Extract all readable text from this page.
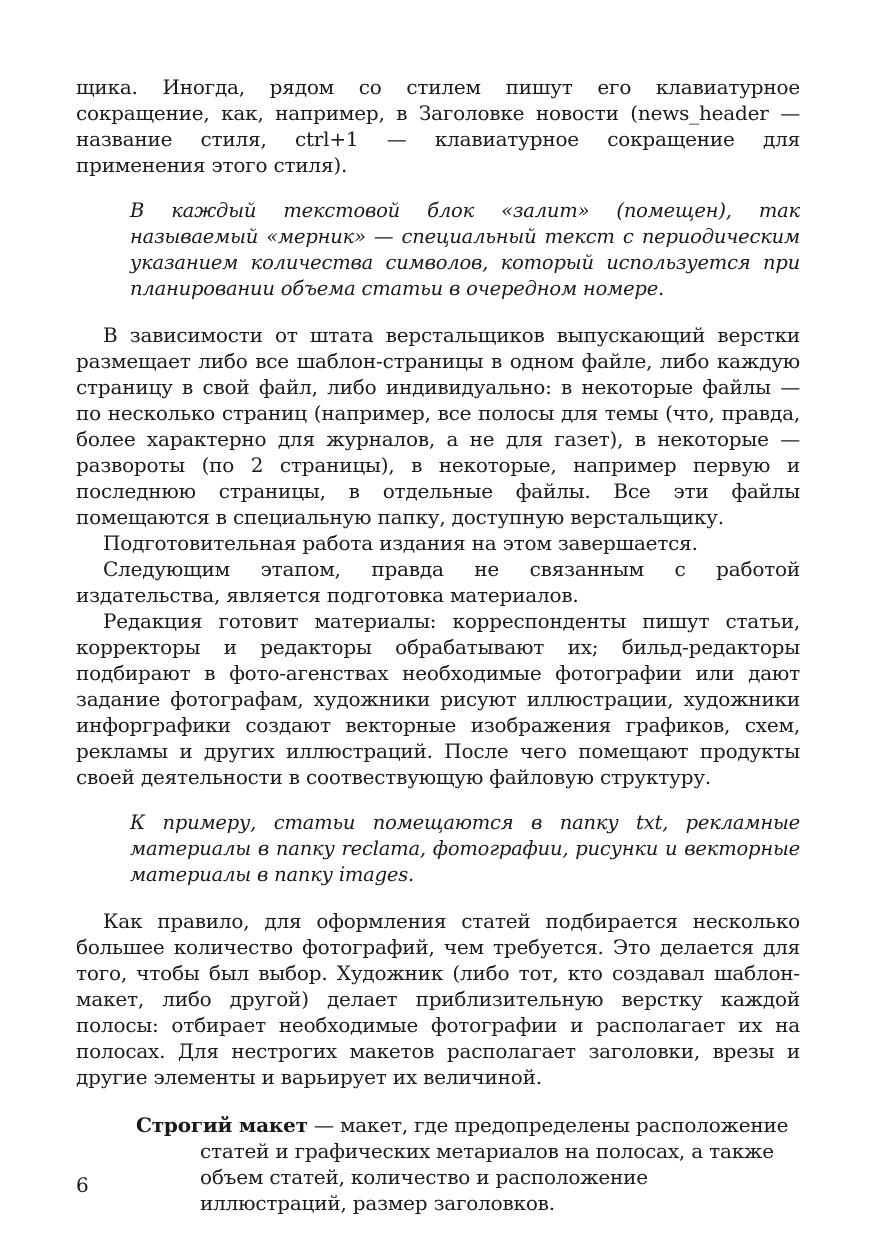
щика. Иногда, рядом со стилем пишут его клавиатурное сокращение, как, например, в Заголовке новости (news_header — название стиля, ctrl+1 — клавиатурное сокращение для применения этого стиля).

В каждый текстовой блок «залит» (помещен), так называемый «мерник» — специальный текст с периодическим указанием количества символов, который используется при планировании объема статьи в очередном номере.

В зависимости от штата верстальщиков выпускающий верстки размещает либо все шаблон-страницы в одном файле, либо каждую страницу в свой файл, либо индивидуально: в некоторые файлы — по несколько страниц (например, все полосы для темы (что, правда, более характерно для журналов, а не для газет), в некоторые — развороты (по 2 страницы), в некоторые, например первую и последнюю страницы, в отдельные файлы. Все эти файлы помещаются в специальную папку, доступную верстальщику.

Подготовительная работа издания на этом завершается.

Следующим этапом, правда не связанным с работой издательства, является подготовка материалов.

Редакция готовит материалы: корреспонденты пишут статьи, корректоры и редакторы обрабатывают их; бильд-редакторы подбирают в фото-агенствах необходимые фотографии или дают задание фотографам, художники рисуют иллюстрации, художники инфорграфики создают векторные изображения графиков, схем, рекламы и других иллюстраций. После чего помещают продукты своей деятельности в соотвествующую файловую структуру.

К примеру, статьи помещаются в папку txt, рекламные материалы в папку reclama, фотографии, рисунки и векторные материалы в папку images.

Как правило, для оформления статей подбирается несколько большее количество фотографий, чем требуется. Это делается для того, чтобы был выбор. Художник (либо тот, кто создавал шаблон-макет, либо другой) делает приблизительную верстку каждой полосы: отбирает необходимые фотографии и располагает их на полосах. Для нестрогих макетов располагает заголовки, врезы и другие элементы и варьирует их величиной.

Строгий макет — макет, где предопределены расположение статей и графических метариалов на полосах, а также объем статей, количество и расположение иллюстраций, размер заголовков.

6
